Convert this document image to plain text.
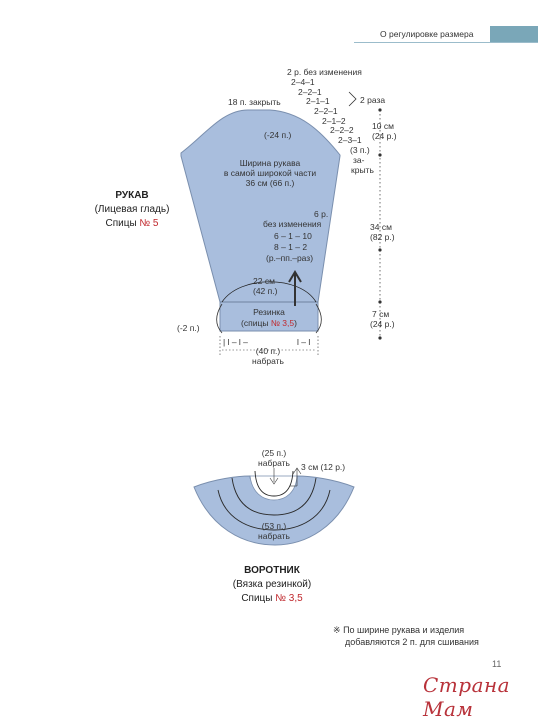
О регулировке размера
2 р. без изменения
2–4–1
2–2–1
2–1–1
2–2–1
2–1–2
2–2–2
2–3–1
2 раза
18 п. закрыть
(-24 п.)
(3 п.)
за-
крыть
10 см
(24 р.)
Ширина рукава
в самой широкой части
36 см (66 п.)
6 р.
без изменения
6 – 1 – 10
8 – 1 – 2
(р.–пп.–раз)
34 см
(82 р.)
22 см
(42 п.)
Резинка
(спицы № 3,5)
(-2 п.)
7 см
(24 р.)
| l – l –	l – l
(40 п.)
набрать
РУКАВ
(Лицевая гладь)
Спицы № 5
(25 п.)
набрать	3 см (12 р.)
(53 п.)
набрать
ВОРОТНИК
(Вязка резинкой)
Спицы № 3,5
※ По ширине рукава и изделия
добавляются 2 п. для сшивания
11
Страна Мам
